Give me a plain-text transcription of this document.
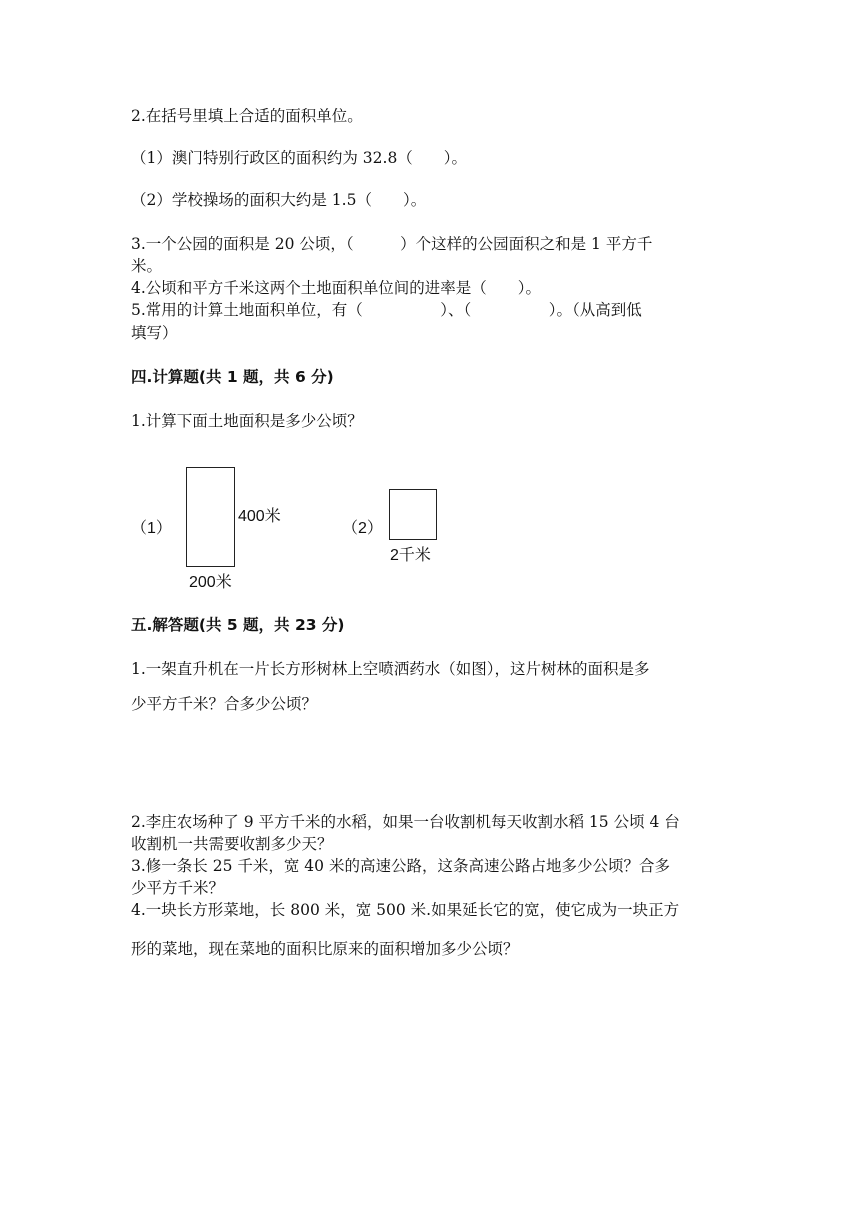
2.在括号里填上合适的面积单位。
（1）澳门特别行政区的面积约为 32.8（　　）。
（2）学校操场的面积大约是 1.5（　　）。
3.一个公园的面积是 20 公顷，（　　　）个这样的公园面积之和是 1 平方千
米。
4.公顷和平方千米这两个土地面积单位间的进率是（　　）。
5.常用的计算土地面积单位，有（　　　　　）、（　　　　　）。（从高到低
填写）
四.计算题(共 1 题，共 6 分)
1.计算下面土地面积是多少公顷？
（1）
400米
200米
（2）
2千米
五.解答题(共 5 题，共 23 分)
1.一架直升机在一片长方形树林上空喷洒药水（如图），这片树林的面积是多
少平方千米？合多少公顷？
2.李庄农场种了 9 平方千米的水稻，如果一台收割机每天收割水稻 15 公顷 4 台
收割机一共需要收割多少天？
3.修一条长 25 千米，宽 40 米的高速公路，这条高速公路占地多少公顷？合多
少平方千米？
4.一块长方形菜地，长 800 米，宽 500 米.如果延长它的宽，使它成为一块正方
形的菜地，现在菜地的面积比原来的面积增加多少公顷？
